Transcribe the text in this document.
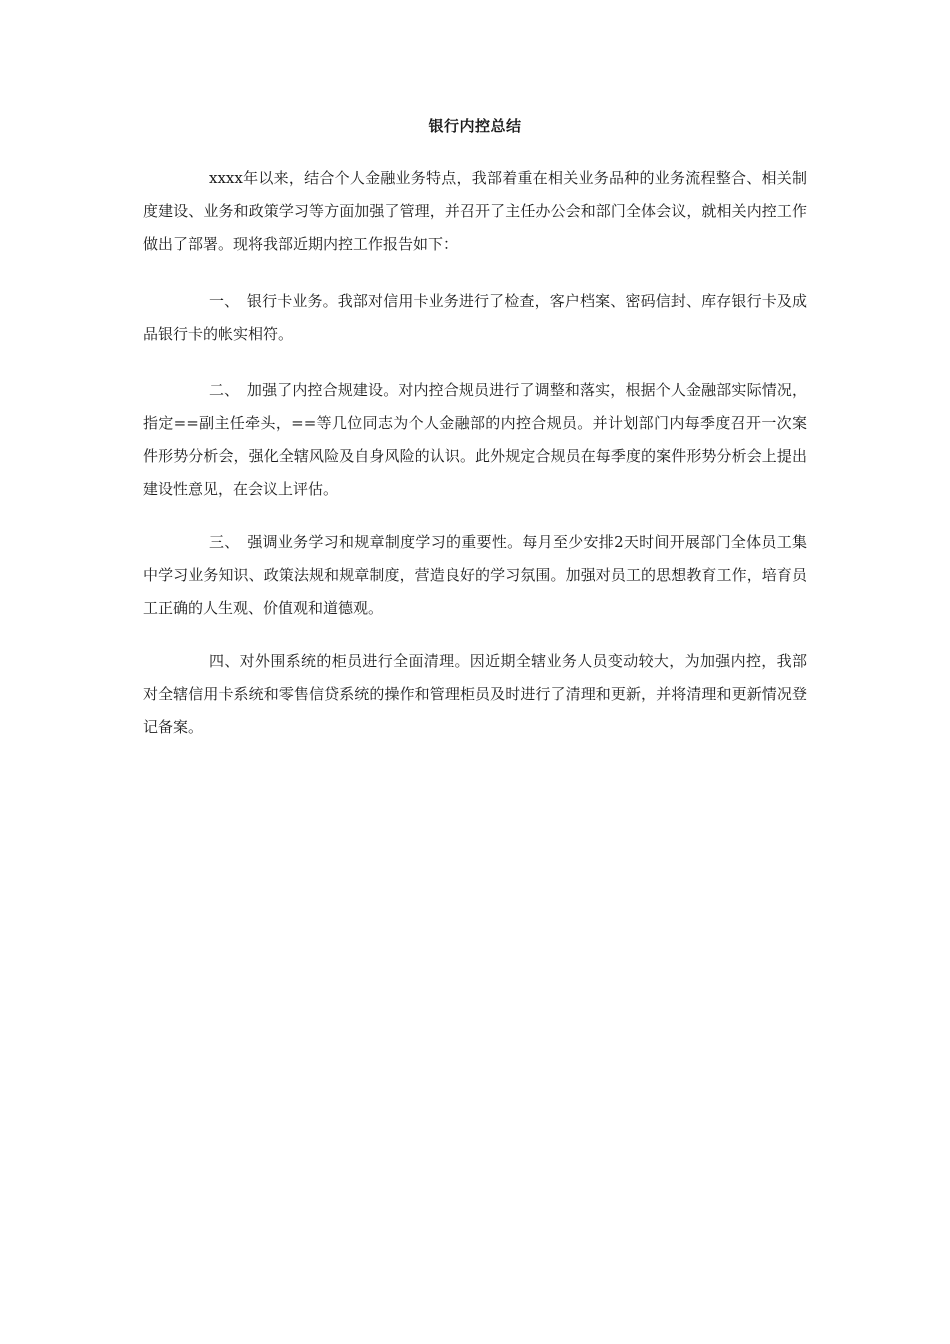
银行内控总结
xxxx年以来，结合个人金融业务特点，我部着重在相关业务品种的业务流程整合、相关制度建设、业务和政策学习等方面加强了管理，并召开了主任办公会和部门全体会议，就相关内控工作做出了部署。现将我部近期内控工作报告如下：
一、　银行卡业务。我部对信用卡业务进行了检查，客户档案、密码信封、库存银行卡及成品银行卡的帐实相符。
二、　加强了内控合规建设。对内控合规员进行了调整和落实，根据个人金融部实际情况，指定==副主任牵头，==等几位同志为个人金融部的内控合规员。并计划部门内每季度召开一次案件形势分析会，强化全辖风险及自身风险的认识。此外规定合规员在每季度的案件形势分析会上提出建设性意见，在会议上评估。
三、　强调业务学习和规章制度学习的重要性。每月至少安排2天时间开展部门全体员工集中学习业务知识、政策法规和规章制度，营造良好的学习氛围。加强对员工的思想教育工作，培育员工正确的人生观、价值观和道德观。
四、对外围系统的柜员进行全面清理。因近期全辖业务人员变动较大，为加强内控，我部对全辖信用卡系统和零售信贷系统的操作和管理柜员及时进行了清理和更新，并将清理和更新情况登记备案。
